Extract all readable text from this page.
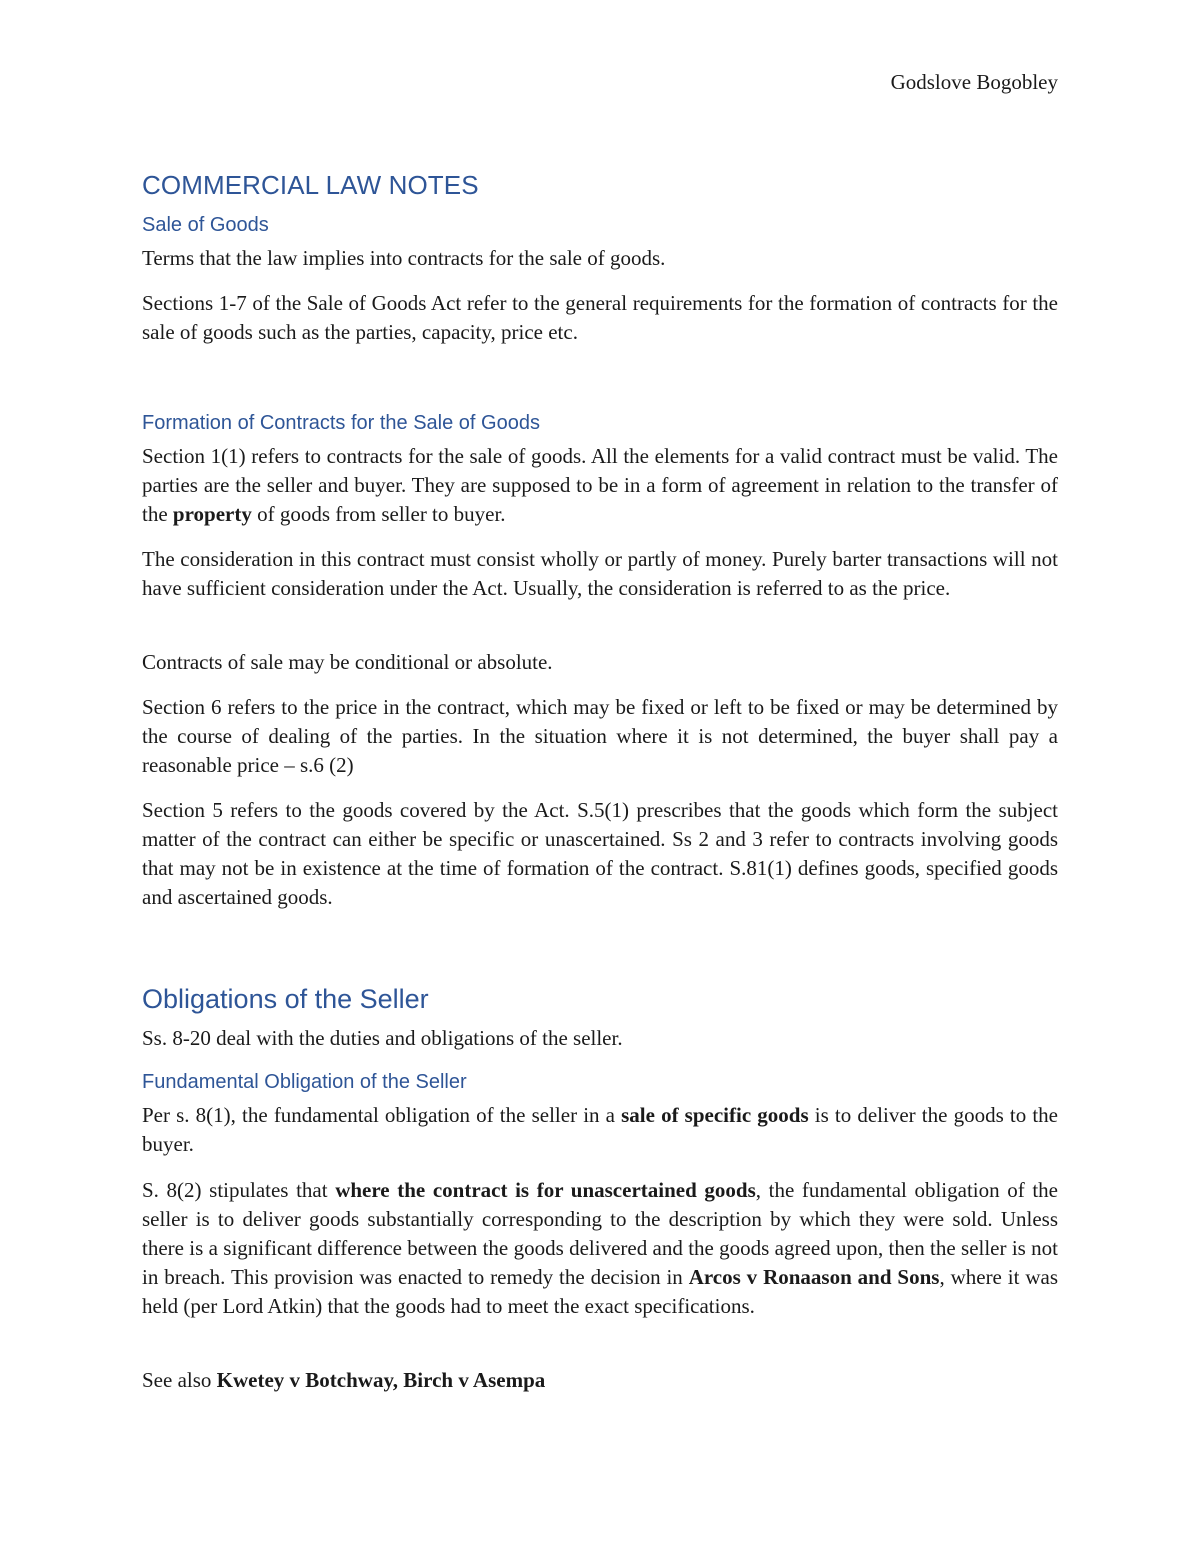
Godslove Bogobley
COMMERCIAL LAW NOTES
Sale of Goods

Terms that the law implies into contracts for the sale of goods.

Sections 1-7 of the Sale of Goods Act refer to the general requirements for the formation of contracts for the sale of goods such as the parties, capacity, price etc.

Formation of Contracts for the Sale of Goods

Section 1(1) refers to contracts for the sale of goods. All the elements for a valid contract must be valid. The parties are the seller and buyer. They are supposed to be in a form of agreement in relation to the transfer of the property of goods from seller to buyer.

The consideration in this contract must consist wholly or partly of money. Purely barter transactions will not have sufficient consideration under the Act. Usually, the consideration is referred to as the price.

Contracts of sale may be conditional or absolute.

Section 6 refers to the price in the contract, which may be fixed or left to be fixed or may be determined by the course of dealing of the parties. In the situation where it is not determined, the buyer shall pay a reasonable price – s.6 (2)

Section 5 refers to the goods covered by the Act. S.5(1) prescribes that the goods which form the subject matter of the contract can either be specific or unascertained. Ss 2 and 3 refer to contracts involving goods that may not be in existence at the time of formation of the contract. S.81(1) defines goods, specified goods and ascertained goods.

Obligations of the Seller

Ss. 8-20 deal with the duties and obligations of the seller.

Fundamental Obligation of the Seller

Per s. 8(1), the fundamental obligation of the seller in a sale of specific goods is to deliver the goods to the buyer.

S. 8(2) stipulates that where the contract is for unascertained goods, the fundamental obligation of the seller is to deliver goods substantially corresponding to the description by which they were sold. Unless there is a significant difference between the goods delivered and the goods agreed upon, then the seller is not in breach. This provision was enacted to remedy the decision in Arcos v Ronaason and Sons, where it was held (per Lord Atkin) that the goods had to meet the exact specifications.

See also Kwetey v Botchway, Birch v Asempa
